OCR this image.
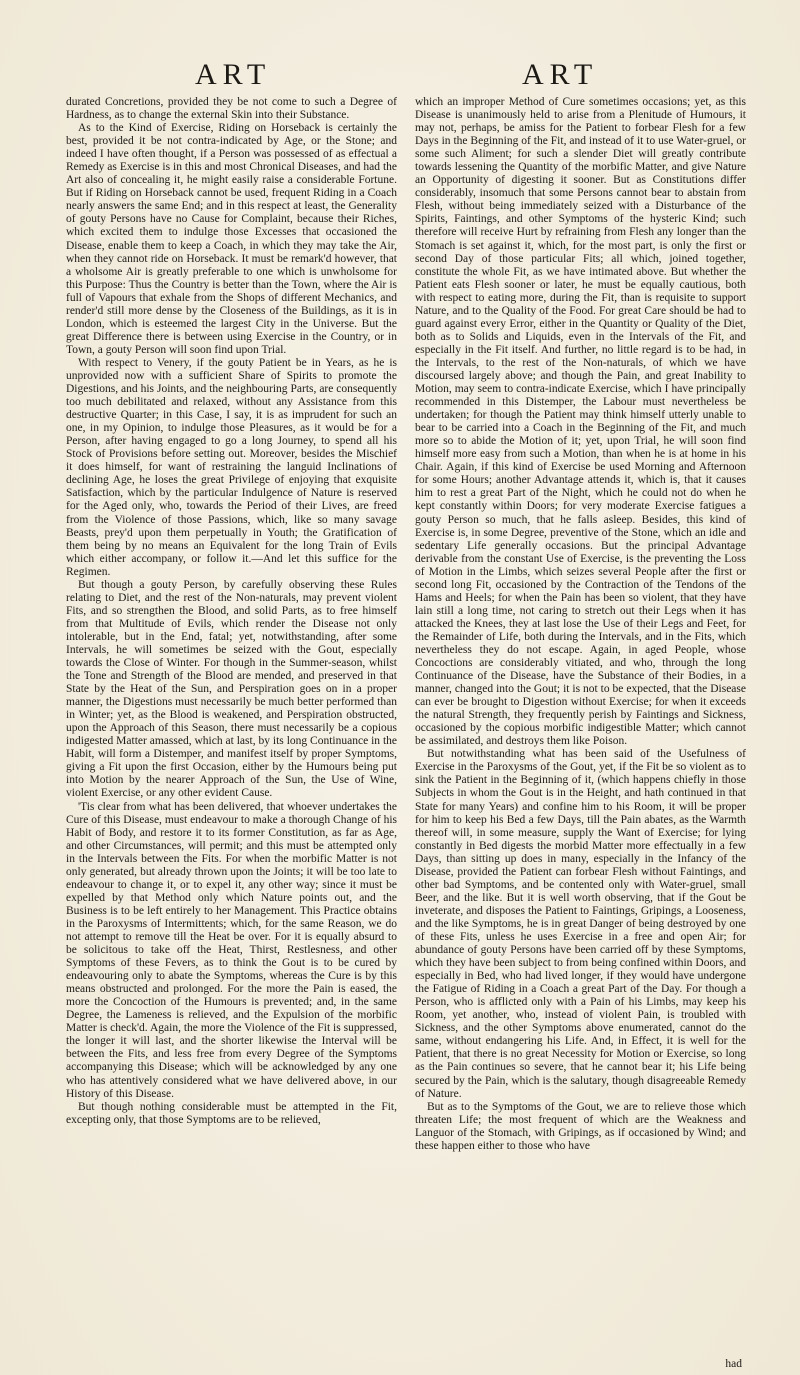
ART	ART

durated Concretions, provided they be not come to such a Degree of Hardness, as to change the external Skin into their Substance.

As to the Kind of Exercise, Riding on Horseback is certainly the best, provided it be not contra-indicated by Age, or the Stone; and indeed I have often thought, if a Person was possessed of as effectual a Remedy as Exercise is in this and most Chronical Diseases, and had the Art also of concealing it, he might easily raise a considerable Fortune. But if Riding on Horseback cannot be used, frequent Riding in a Coach nearly answers the same End; and in this respect at least, the Generality of gouty Persons have no Cause for Complaint, because their Riches, which excited them to indulge those Excesses that occasioned the Disease, enable them to keep a Coach, in which they may take the Air, when they cannot ride on Horseback. It must be remark'd however, that a wholsome Air is greatly preferable to one which is unwholsome for this Purpose: Thus the Country is better than the Town, where the Air is full of Vapours that exhale from the Shops of different Mechanics, and render'd still more dense by the Closeness of the Buildings, as it is in London, which is esteemed the largest City in the Universe. But the great Difference there is between using Exercise in the Country, or in Town, a gouty Person will soon find upon Trial.

With respect to Venery, if the gouty Patient be in Years, as he is unprovided now with a sufficient Share of Spirits to promote the Digestions, and his Joints, and the neighbouring Parts, are consequently too much debilitated and relaxed, without any Assistance from this destructive Quarter; in this Case, I say, it is as imprudent for such an one, in my Opinion, to indulge those Pleasures, as it would be for a Person, after having engaged to go a long Journey, to spend all his Stock of Provisions before setting out. Moreover, besides the Mischief it does himself, for want of restraining the languid Inclinations of declining Age, he loses the great Privilege of enjoying that exquisite Satisfaction, which by the particular Indulgence of Nature is reserved for the Aged only, who, towards the Period of their Lives, are freed from the Violence of those Passions, which, like so many savage Beasts, prey'd upon them perpetually in Youth; the Gratification of them being by no means an Equivalent for the long Train of Evils which either accompany, or follow it.—And let this suffice for the Regimen.

But though a gouty Person, by carefully observing these Rules relating to Diet, and the rest of the Non-naturals, may prevent violent Fits, and so strengthen the Blood, and solid Parts, as to free himself from that Multitude of Evils, which render the Disease not only intolerable, but in the End, fatal; yet, notwithstanding, after some Intervals, he will sometimes be seized with the Gout, especially towards the Close of Winter. For though in the Summer-season, whilst the Tone and Strength of the Blood are mended, and preserved in that State by the Heat of the Sun, and Perspiration goes on in a proper manner, the Digestions must necessarily be much better performed than in Winter; yet, as the Blood is weakened, and Perspiration obstructed, upon the Approach of this Season, there must necessarily be a copious indigested Matter amassed, which at last, by its long Continuance in the Habit, will form a Distemper, and manifest itself by proper Symptoms, giving a Fit upon the first Occasion, either by the Humours being put into Motion by the nearer Approach of the Sun, the Use of Wine, violent Exercise, or any other evident Cause.

'Tis clear from what has been delivered, that whoever undertakes the Cure of this Disease, must endeavour to make a thorough Change of his Habit of Body, and restore it to its former Constitution, as far as Age, and other Circumstances, will permit; and this must be attempted only in the Intervals between the Fits. For when the morbific Matter is not only generated, but already thrown upon the Joints; it will be too late to endeavour to change it, or to expel it, any other way; since it must be expelled by that Method only which Nature points out, and the Business is to be left entirely to her Management. This Practice obtains in the Paroxysms of Intermittents; which, for the same Reason, we do not attempt to remove till the Heat be over. For it is equally absurd to be solicitous to take off the Heat, Thirst, Restlesness, and other Symptoms of these Fevers, as to think the Gout is to be cured by endeavouring only to abate the Symptoms, whereas the Cure is by this means obstructed and prolonged. For the more the Pain is eased, the more the Concoction of the Humours is prevented; and, in the same Degree, the Lameness is relieved, and the Expulsion of the morbific Matter is check'd. Again, the more the Violence of the Fit is suppressed, the longer it will last, and the shorter likewise the Interval will be between the Fits, and less free from every Degree of the Symptoms accompanying this Disease; which will be acknowledged by any one who has attentively considered what we have delivered above, in our History of this Disease.

But though nothing considerable must be attempted in the Fit, excepting only, that those Symptoms are to be relieved,

which an improper Method of Cure sometimes occasions; yet, as this Disease is unanimously held to arise from a Plenitude of Humours, it may not, perhaps, be amiss for the Patient to forbear Flesh for a few Days in the Beginning of the Fit, and instead of it to use Water-gruel, or some such Aliment; for such a slender Diet will greatly contribute towards lessening the Quantity of the morbific Matter, and give Nature an Opportunity of digesting it sooner. But as Constitutions differ considerably, insomuch that some Persons cannot bear to abstain from Flesh, without being immediately seized with a Disturbance of the Spirits, Faintings, and other Symptoms of the hysteric Kind; such therefore will receive Hurt by refraining from Flesh any longer than the Stomach is set against it, which, for the most part, is only the first or second Day of those particular Fits; all which, joined together, constitute the whole Fit, as we have intimated above. But whether the Patient eats Flesh sooner or later, he must be equally cautious, both with respect to eating more, during the Fit, than is requisite to support Nature, and to the Quality of the Food. For great Care should be had to guard against every Error, either in the Quantity or Quality of the Diet, both as to Solids and Liquids, even in the Intervals of the Fit, and especially in the Fit itself. And further, no little regard is to be had, in the Intervals, to the rest of the Non-naturals, of which we have discoursed largely above; and though the Pain, and great Inability to Motion, may seem to contra-indicate Exercise, which I have principally recommended in this Distemper, the Labour must nevertheless be undertaken; for though the Patient may think himself utterly unable to bear to be carried into a Coach in the Beginning of the Fit, and much more so to abide the Motion of it; yet, upon Trial, he will soon find himself more easy from such a Motion, than when he is at home in his Chair. Again, if this kind of Exercise be used Morning and Afternoon for some Hours; another Advantage attends it, which is, that it causes him to rest a great Part of the Night, which he could not do when he kept constantly within Doors; for very moderate Exercise fatigues a gouty Person so much, that he falls asleep. Besides, this kind of Exercise is, in some Degree, preventive of the Stone, which an idle and sedentary Life generally occasions. But the principal Advantage derivable from the constant Use of Exercise, is the preventing the Loss of Motion in the Limbs, which seizes several People after the first or second long Fit, occasioned by the Contraction of the Tendons of the Hams and Heels; for when the Pain has been so violent, that they have lain still a long time, not caring to stretch out their Legs when it has attacked the Knees, they at last lose the Use of their Legs and Feet, for the Remainder of Life, both during the Intervals, and in the Fits, which nevertheless they do not escape. Again, in aged People, whose Concoctions are considerably vitiated, and who, through the long Continuance of the Disease, have the Substance of their Bodies, in a manner, changed into the Gout; it is not to be expected, that the Disease can ever be brought to Digestion without Exercise; for when it exceeds the natural Strength, they frequently perish by Faintings and Sickness, occasioned by the copious morbific indigestible Matter; which cannot be assimilated, and destroys them like Poison.

But notwithstanding what has been said of the Usefulness of Exercise in the Paroxysms of the Gout, yet, if the Fit be so violent as to sink the Patient in the Beginning of it, (which happens chiefly in those Subjects in whom the Gout is in the Height, and hath continued in that State for many Years) and confine him to his Room, it will be proper for him to keep his Bed a few Days, till the Pain abates, as the Warmth thereof will, in some measure, supply the Want of Exercise; for lying constantly in Bed digests the morbid Matter more effectually in a few Days, than sitting up does in many, especially in the Infancy of the Disease, provided the Patient can forbear Flesh without Faintings, and other bad Symptoms, and be contented only with Water-gruel, small Beer, and the like. But it is well worth observing, that if the Gout be inveterate, and disposes the Patient to Faintings, Gripings, a Looseness, and the like Symptoms, he is in great Danger of being destroyed by one of these Fits, unless he uses Exercise in a free and open Air; for abundance of gouty Persons have been carried off by these Symptoms, which they have been subject to from being confined within Doors, and especially in Bed, who had lived longer, if they would have undergone the Fatigue of Riding in a Coach a great Part of the Day. For though a Person, who is afflicted only with a Pain of his Limbs, may keep his Room, yet another, who, instead of violent Pain, is troubled with Sickness, and the other Symptoms above enumerated, cannot do the same, without endangering his Life. And, in Effect, it is well for the Patient, that there is no great Necessity for Motion or Exercise, so long as the Pain continues so severe, that he cannot bear it; his Life being secured by the Pain, which is the salutary, though disagreeable Remedy of Nature.

But as to the Symptoms of the Gout, we are to relieve those which threaten Life; the most frequent of which are the Weakness and Languor of the Stomach, with Gripings, as if occasioned by Wind; and these happen either to those who have

had
